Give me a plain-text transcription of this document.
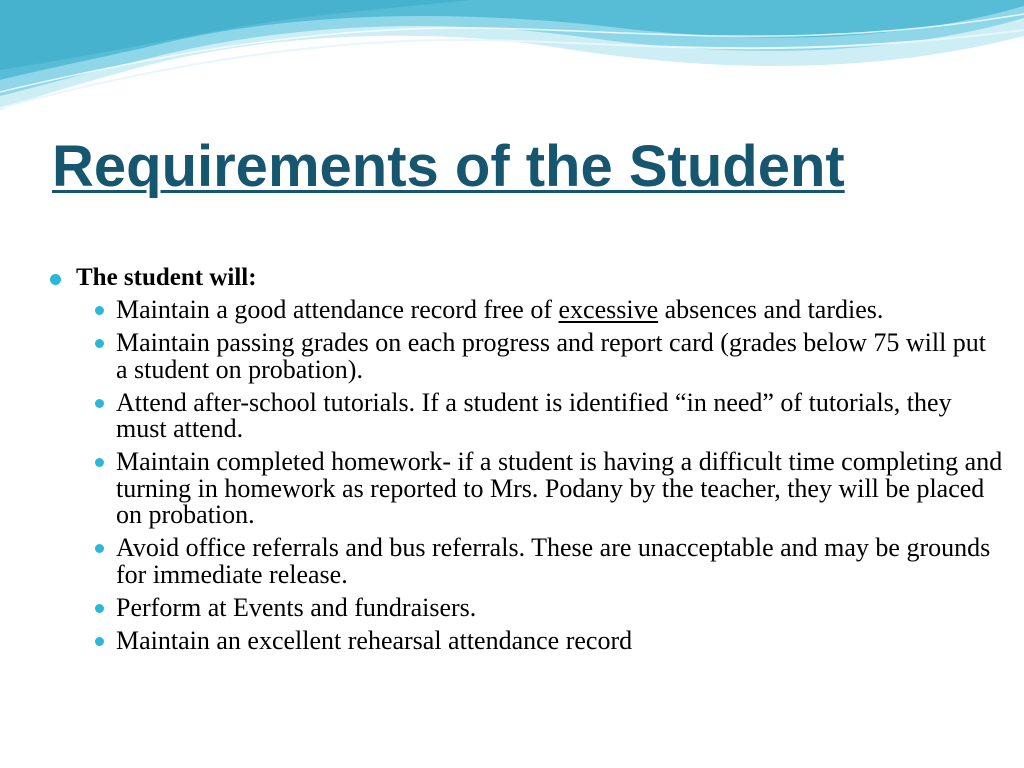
Requirements of the Student
The student will:
Maintain a good attendance record free of excessive absences and tardies.
Maintain passing grades on each progress and report card (grades below 75 will put a student on probation).
Attend after-school tutorials. If a student is identified “in need” of tutorials, they must attend.
Maintain completed homework- if a student is having a difficult time completing and turning in homework as reported to Mrs. Podany by the teacher, they will be placed on probation.
Avoid office referrals and bus referrals. These are unacceptable and may be grounds for immediate release.
Perform at Events and fundraisers.
Maintain an excellent rehearsal attendance record
